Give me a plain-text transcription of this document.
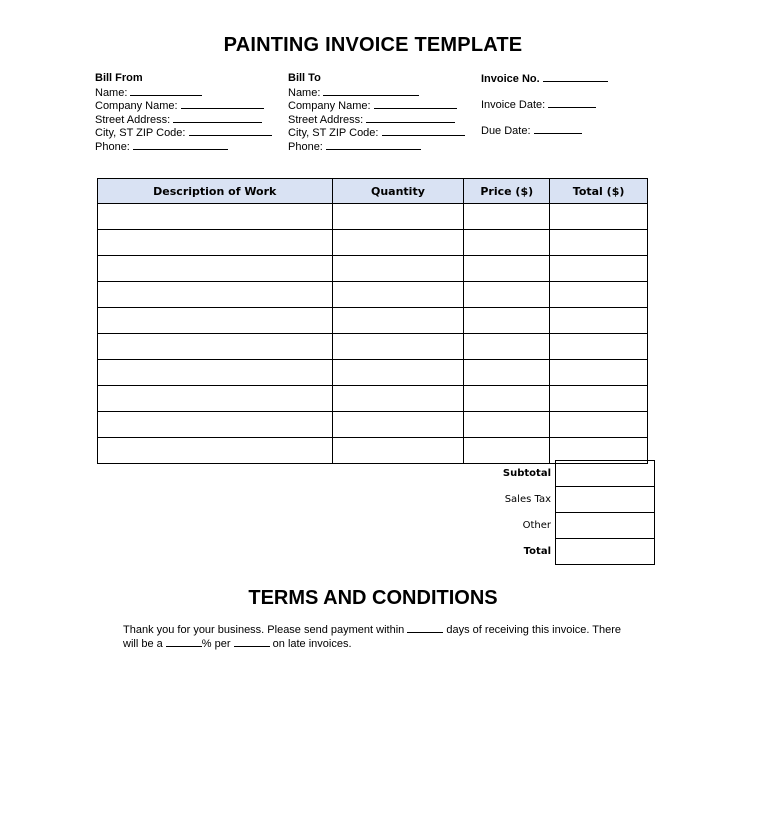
PAINTING INVOICE TEMPLATE
Bill From
Name:
Company Name:
Street Address:
City, ST ZIP Code:
Phone:
Bill To
Name:
Company Name:
Street Address:
City, ST ZIP Code:
Phone:
Invoice No.
Invoice Date:
Due Date:
Description of Work	Quantity	Price ($)	Total ($)

Subtotal	
Sales Tax	
Other	
Total	
TERMS AND CONDITIONS
Thank you for your business. Please send payment within	days of receiving this invoice. There will be a	% per	on late invoices.
